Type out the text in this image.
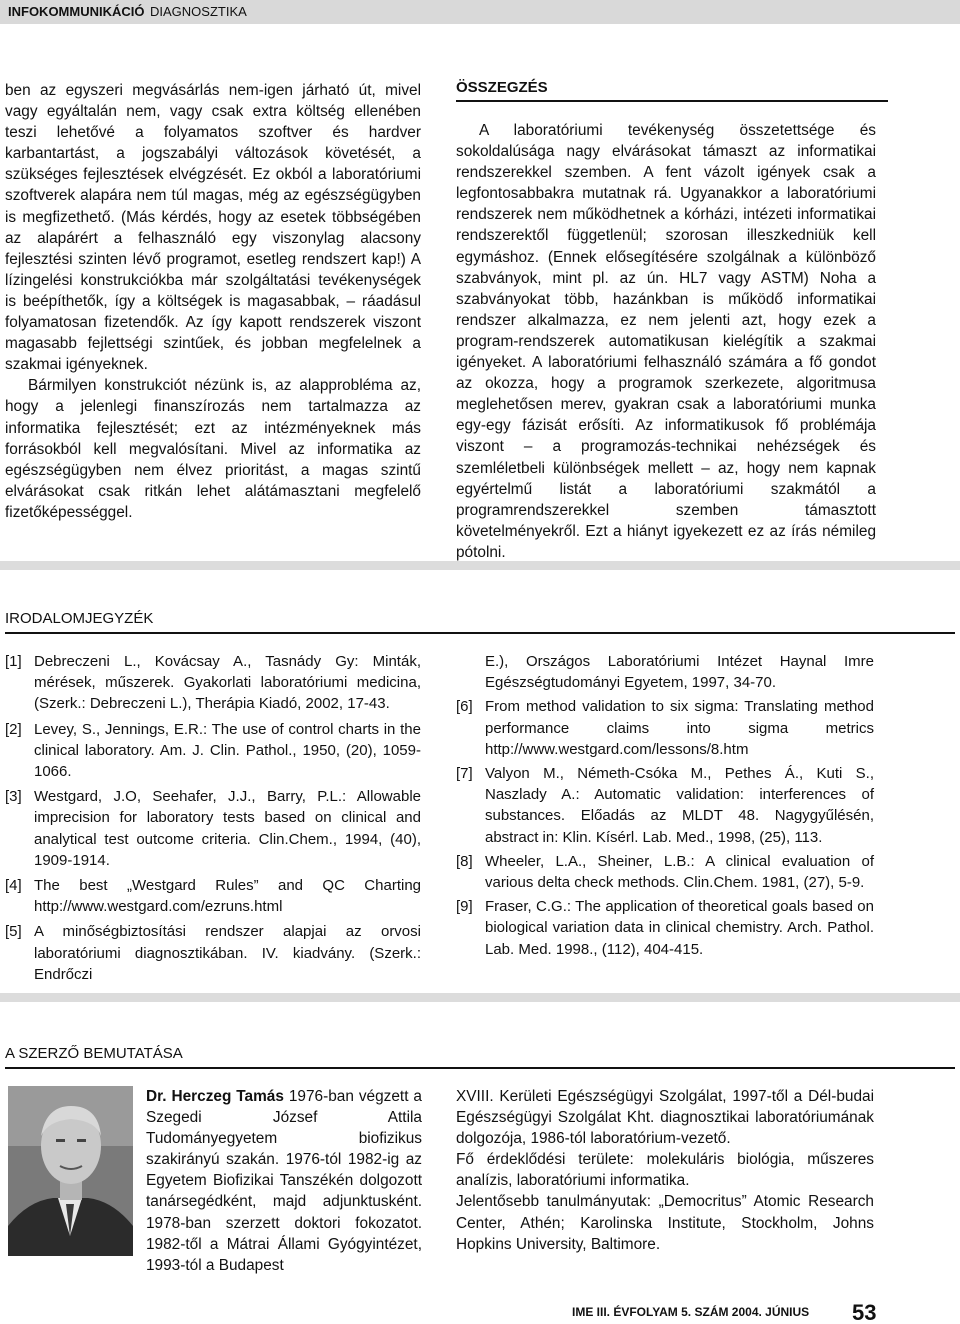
INFOKOMMUNIKÁCIÓ DIAGNOSZTIKA

ben az egyszeri megvásárlás nem-igen járható út, mivel vagy egyáltalán nem, vagy csak extra költség ellenében teszi lehetővé a folyamatos szoftver és hardver karbantartást, a jogszabályi változások követését, a szükséges fejlesztések elvégzését. Ez okból a laboratóriumi szoftverek alapára nem túl magas, még az egészségügyben is megfizethető. (Más kérdés, hogy az esetek többségében az alapárért a felhasználó egy viszonylag alacsony fejlesztési szinten lévő programot, esetleg rendszert kap!) A lízingelési konstrukciókba már szolgáltatási tevékenységek is beépíthetők, így a költségek is magasabbak, – ráadásul folyamatosan fizetendők. Az így kapott rendszerek viszont magasabb fejlettségi szintűek, és jobban megfelelnek a szakmai igényeknek.

Bármilyen konstrukciót nézünk is, az alapprobléma az, hogy a jelenlegi finanszírozás nem tartalmazza az informatika fejlesztését; ezt az intézményeknek más forrásokból kell megvalósítani. Mivel az informatika az egészségügyben nem élvez prioritást, a magas szintű elvárásokat csak ritkán lehet alátámasztani megfelelő fizetőképességgel.

ÖSSZEGZÉS

A laboratóriumi tevékenység összetettsége és sokoldalúsága nagy elvárásokat támaszt az informatikai rendszerekkel szemben. A fent vázolt igények csak a legfontosabbakra mutatnak rá. Ugyanakkor a laboratóriumi rendszerek nem működhetnek a kórházi, intézeti informatikai rendszerektől függetlenül; szorosan illeszkedniük kell egymáshoz. (Ennek elősegítésére szolgálnak a különböző szabványok, mint pl. az ún. HL7 vagy ASTM) Noha a szabványokat több, hazánkban is működő informatikai rendszer alkalmazza, ez nem jelenti azt, hogy ezek a program-rendszerek automatikusan kielégítik a szakmai igényeket. A laboratóriumi felhasználó számára a fő gondot az okozza, hogy a programok szerkezete, algoritmusa meglehetősen merev, gyakran csak a laboratóriumi munka egy-egy fázisát erősíti. Az informatikusok fő problémája viszont – a programozás-technikai nehézségek és szemléletbeli különbségek mellett – az, hogy nem kapnak egyértelmű listát a laboratóriumi szakmától a programrendszerekkel szemben támasztott követelményekről. Ezt a hiányt igyekezett ez az írás némileg pótolni.

IRODALOMJEGYZÉK
[1] Debreczeni L., Kovácsay A., Tasnády Gy: Minták, mérések, műszerek. Gyakorlati laboratóriumi medicina, (Szerk.: Debreczeni L.), Therápia Kiadó, 2002, 17-43.
[2] Levey, S., Jennings, E.R.: The use of control charts in the clinical laboratory. Am. J. Clin. Pathol., 1950, (20), 1059-1066.
[3] Westgard, J.O, Seehafer, J.J., Barry, P.L.: Allowable imprecision for laboratory tests based on clinical and analytical test outcome criteria. Clin.Chem., 1994, (40), 1909-1914.
[4] The best „Westgard Rules” and QC Charting http://www.westgard.com/ezruns.html
[5] A minőségbiztosítási rendszer alapjai az orvosi laboratóriumi diagnosztikában. IV. kiadvány. (Szerk.: Endrőczi
E.), Országos Laboratóriumi Intézet Haynal Imre Egészségtudományi Egyetem, 1997, 34-70.
[6] From method validation to six sigma: Translating method performance claims into sigma metrics http://www.westgard.com/lessons/8.htm
[7] Valyon M., Németh-Csóka M., Pethes Á., Kuti S., Naszlady A.: Automatic validation: interferences of substances. Előadás az MLDT 48. Nagygyűlésén, abstract in: Klin. Kísérl. Lab. Med., 1998, (25), 113.
[8] Wheeler, L.A., Sheiner, L.B.: A clinical evaluation of various delta check methods. Clin.Chem. 1981, (27), 5-9.
[9] Fraser, C.G.: The application of theoretical goals based on biological variation data in clinical chemistry. Arch. Pathol. Lab. Med. 1998., (112), 404-415.
A SZERZŐ BEMUTATÁSA

Dr. Herczeg Tamás 1976-ban végzett a Szegedi József Attila Tudományegyetem biofizikus szakirányú szakán. 1976-tól 1982-ig az Egyetem Biofizikai Tanszékén dolgozott tanársegédként, majd adjunktusként. 1978-ban szerzett doktori fokozatot. 1982-től a Mátrai Állami Gyógyintézet, 1993-tól a Budapest

XVIII. Kerületi Egészségügyi Szolgálat, 1997-től a Dél-budai Egészségügyi Szolgálat Kht. diagnosztikai laboratóriumának dolgozója, 1986-tól laboratórium-vezető.

Fő érdeklődési területe: molekuláris biológia, műszeres analízis, laboratóriumi informatika.

Jelentősebb tanulmányutak: „Democritus” Atomic Research Center, Athén; Karolinska Institute, Stockholm, Johns Hopkins University, Baltimore.

IME III. ÉVFOLYAM 5. SZÁM 2004. JÚNIUS 53
